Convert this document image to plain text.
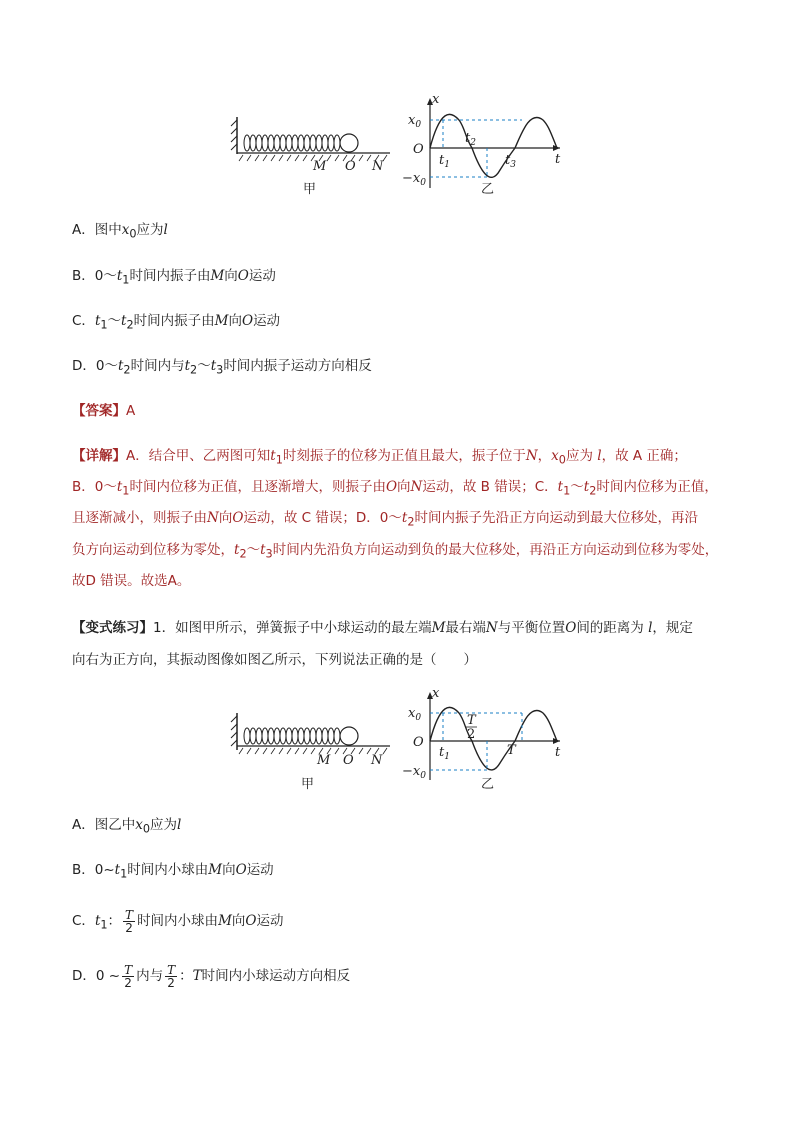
M O N
甲
x
t
O
$x_0$
$-x_0$
$t_1$
$t_2$
$t_3$
乙
A．图中$x_0$应为l
B．$0\sim t_1$时间内振子由M向O运动
C．$t_1\sim t_2$时间内振子由M向O运动
D．$0\sim t_2$时间内与$t_2\sim t_3$时间内振子运动方向相反
【答案】A
【详解】A．结合甲、乙两图可知$t_1$时刻振子的位移为正值且最大，振子位于N，$x_0$应为 l，故 A 正确；
B．$0\sim t_1$时间内位移为正值，且逐渐增大，则振子由O向N运动，故 B 错误；C．$t_1\sim t_2$时间内位移为正值，
且逐渐减小，则振子由N向O运动，故 C 错误；D．$0\sim t_2$时间内振子先沿正方向运动到最大位移处，再沿
负方向运动到位移为零处，$t_2\sim t_3$时间内先沿负方向运动到负的最大位移处，再沿正方向运动到位移为零处，
故D 错误。故选A。
【变式练习】1．如图甲所示，弹簧振子中小球运动的最左端M最右端N与平衡位置O间的距离为 l，规定
向右为正方向，其振动图像如图乙所示，下列说法正确的是（　　）
M O N
甲
x
t
O
$x_0$
$-x_0$
$t_1$
T
2
T
乙
A．图乙中$x_0$应为l
B．$0\sim t_1$时间内小球由M向O运动
C．$t_1$： $\frac{T}{2}$ 时间内小球由M向O运动
D．0 ~ $\frac{T}{2}$ 内与 $\frac{T}{2}$ ：T时间内小球运动方向相反
